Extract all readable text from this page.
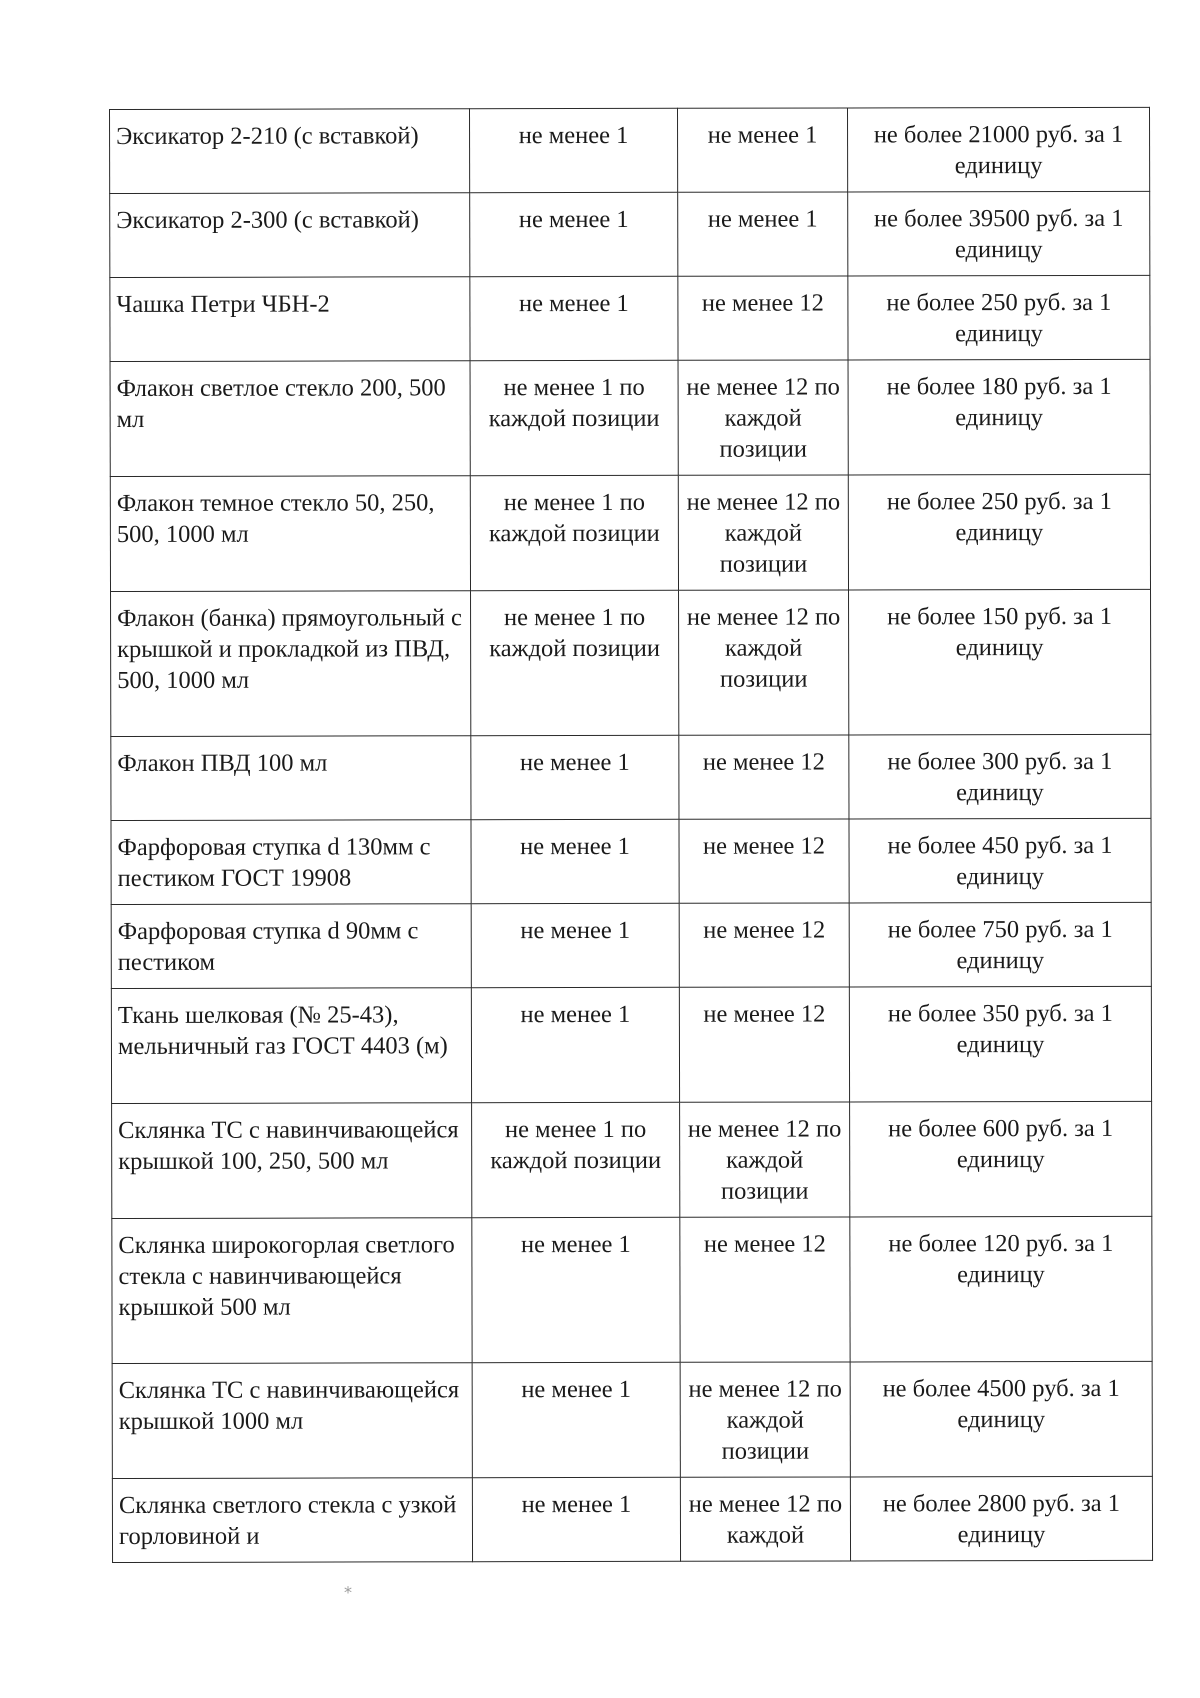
Эксикатор 2-210 (с вставкой)	не менее 1	не менее 1	не более 21000 руб. за 1 единицу
Эксикатор 2-300 (с вставкой)	не менее 1	не менее 1	не более 39500 руб. за 1 единицу
Чашка Петри ЧБН-2	не менее 1	не менее 12	не более 250 руб. за 1 единицу
Флакон светлое стекло 200, 500 мл	не менее 1 по каждой позиции	не менее 12 по каждой позиции	не более 180 руб. за 1 единицу
Флакон темное стекло 50, 250, 500, 1000 мл	не менее 1 по каждой позиции	не менее 12 по каждой позиции	не более 250 руб. за 1 единицу
Флакон (банка) прямоугольный с крышкой и прокладкой из ПВД, 500, 1000 мл	не менее 1 по каждой позиции	не менее 12 по каждой позиции	не более 150 руб. за 1 единицу
Флакон ПВД 100 мл	не менее 1	не менее 12	не более 300 руб. за 1 единицу
Фарфоровая ступка d 130мм с пестиком ГОСТ 19908	не менее 1	не менее 12	не более 450 руб. за 1 единицу
Фарфоровая ступка d 90мм с пестиком	не менее 1	не менее 12	не более 750 руб. за 1 единицу
Ткань шелковая (№ 25-43), мельничный газ ГОСТ 4403 (м)	не менее 1	не менее 12	не более 350 руб. за 1 единицу
Склянка ТС с навинчивающейся крышкой 100, 250, 500 мл	не менее 1 по каждой позиции	не менее 12 по каждой позиции	не более 600 руб. за 1 единицу
Склянка широкогорлая светлого стекла с навинчивающейся крышкой 500 мл	не менее 1	не менее 12	не более 120 руб. за 1 единицу
Склянка ТС с навинчивающейся крышкой 1000 мл	не менее 1	не менее 12 по каждой позиции	не более 4500 руб. за 1 единицу
Склянка светлого стекла с узкой горловиной и	не менее 1	не менее 12 по каждой	не более 2800 руб. за 1 единицу
⁎
